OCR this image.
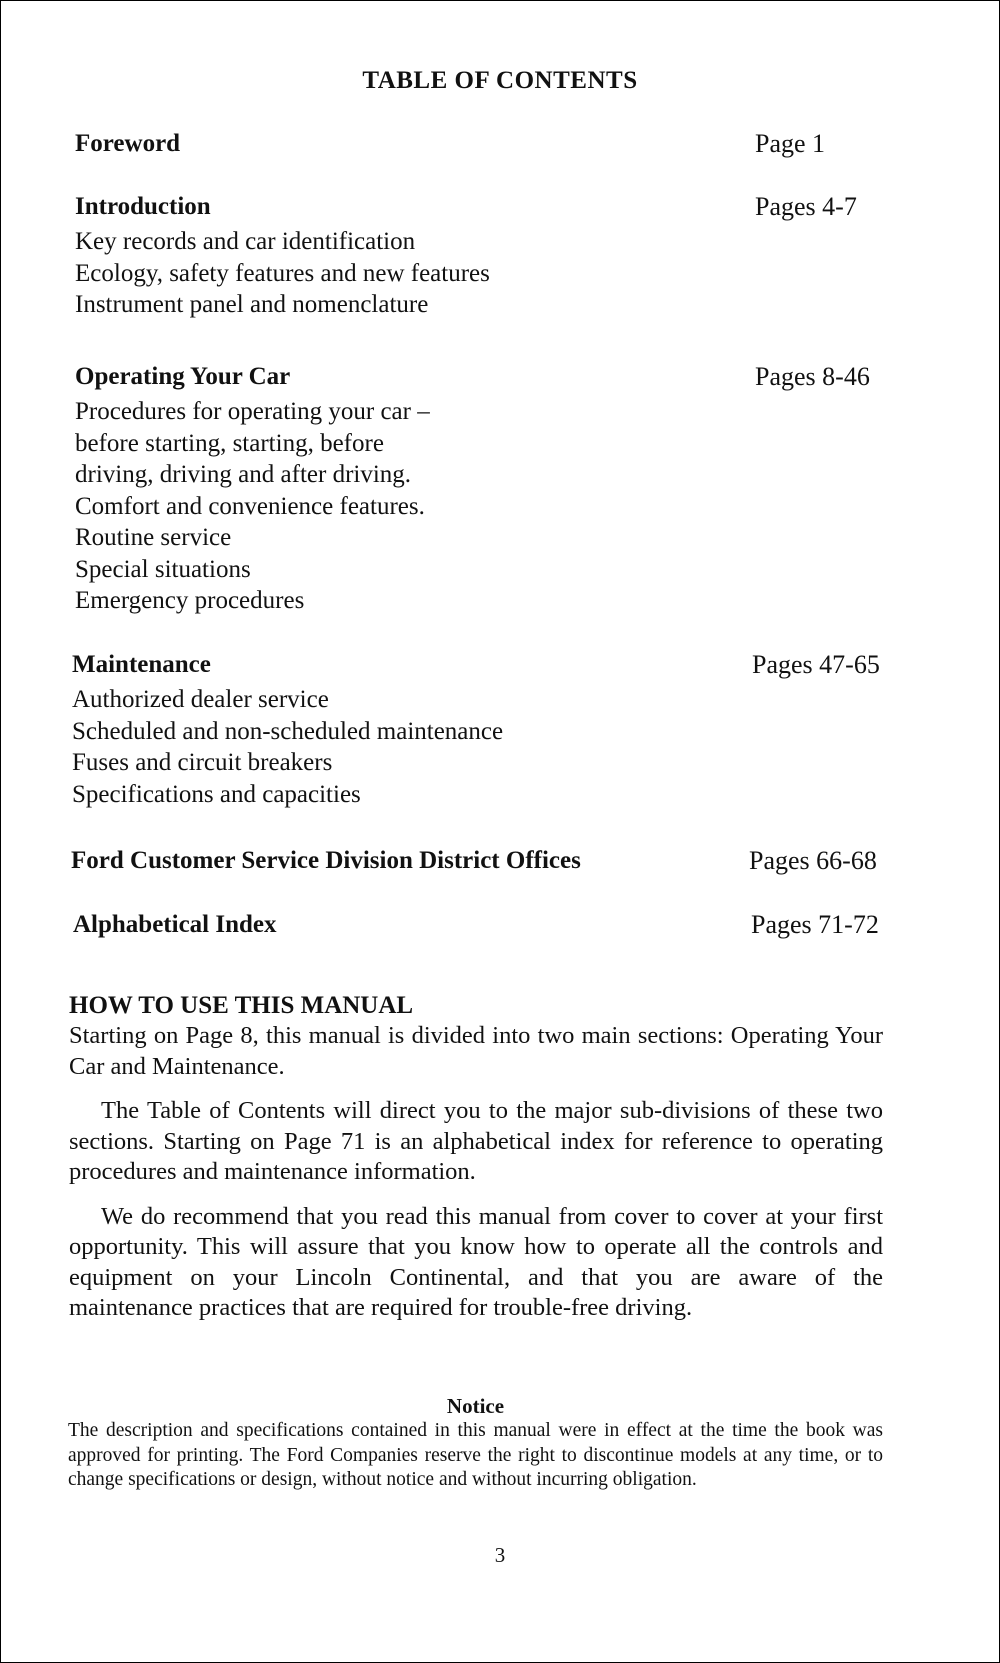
TABLE OF CONTENTS
Foreword	Page 1
Introduction	Pages 4-7
Key records and car identification
Ecology, safety features and new features
Instrument panel and nomenclature
Operating Your Car	Pages 8-46
Procedures for operating your car –
before starting, starting, before
driving, driving and after driving.
Comfort and convenience features.
Routine service
Special situations
Emergency procedures
Maintenance	Pages 47-65
Authorized dealer service
Scheduled and non-scheduled maintenance
Fuses and circuit breakers
Specifications and capacities
Ford Customer Service Division District Offices	Pages 66-68
Alphabetical Index	Pages 71-72
HOW TO USE THIS MANUAL

Starting on Page 8, this manual is divided into two main sections: Operating Your Car and Maintenance.

The Table of Contents will direct you to the major sub-divisions of these two sections. Starting on Page 71 is an alphabetical index for reference to operating procedures and maintenance information.

We do recommend that you read this manual from cover to cover at your first opportunity. This will assure that you know how to operate all the controls and equipment on your Lincoln Continental, and that you are aware of the maintenance practices that are required for trouble-free driving.

Notice

The description and specifications contained in this manual were in effect at the time the book was approved for printing. The Ford Companies reserve the right to discontinue models at any time, or to change specifications or design, without notice and without incurring obligation.

3
